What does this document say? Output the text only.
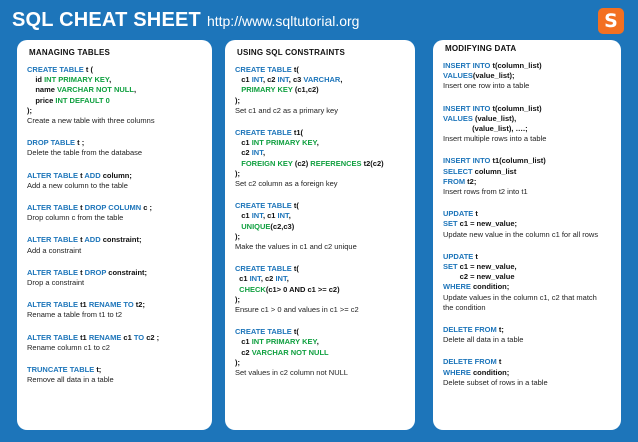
SQL CHEAT SHEET http://www.sqltutorial.org	S
MANAGING TABLES
CREATE TABLE t (
id INT PRIMARY KEY,
name VARCHAR NOT NULL,
price INT DEFAULT 0
);
Create a new table with three columns
DROP TABLE t ;
Delete the table from the database
ALTER TABLE t ADD column;
Add a new column to the table
ALTER TABLE t DROP COLUMN c ;
Drop column c from the table
ALTER TABLE t ADD constraint;
Add a constraint
ALTER TABLE t DROP constraint;
Drop a constraint
ALTER TABLE t1 RENAME TO t2;
Rename a table from t1 to t2
ALTER TABLE t1 RENAME c1 TO c2 ;
Rename column c1 to c2
TRUNCATE TABLE t;
Remove all data in a table
USING SQL CONSTRAINTS
CREATE TABLE t(
c1 INT, c2 INT, c3 VARCHAR,
PRIMARY KEY (c1,c2)
);
Set c1 and c2 as a primary key
CREATE TABLE t1(
c1 INT PRIMARY KEY,
c2 INT,
FOREIGN KEY (c2) REFERENCES t2(c2)
);
Set c2 column as a foreign key
CREATE TABLE t(
c1 INT, c1 INT,
UNIQUE(c2,c3)
);
Make the values in c1 and c2 unique
CREATE TABLE t(
c1 INT, c2 INT,
CHECK(c1> 0 AND c1 >= c2)
);
Ensure c1 > 0 and values in c1 >= c2
CREATE TABLE t(
c1 INT PRIMARY KEY,
c2 VARCHAR NOT NULL
);
Set values in c2 column not NULL
MODIFYING DATA
INSERT INTO t(column_list)
VALUES(value_list);
Insert one row into a table
INSERT INTO t(column_list)
VALUES (value_list),
(value_list), ….;
Insert multiple rows into a table
INSERT INTO t1(column_list)
SELECT column_list
FROM t2;
Insert rows from t2 into t1
UPDATE t
SET c1 = new_value;
Update new value in the column c1 for all rows
UPDATE t
SET c1 = new_value,
c2 = new_value
WHERE condition;
Update values in the column c1, c2 that match
the condition
DELETE FROM t;
Delete all data in a table
DELETE FROM t
WHERE condition;
Delete subset of rows in a table
